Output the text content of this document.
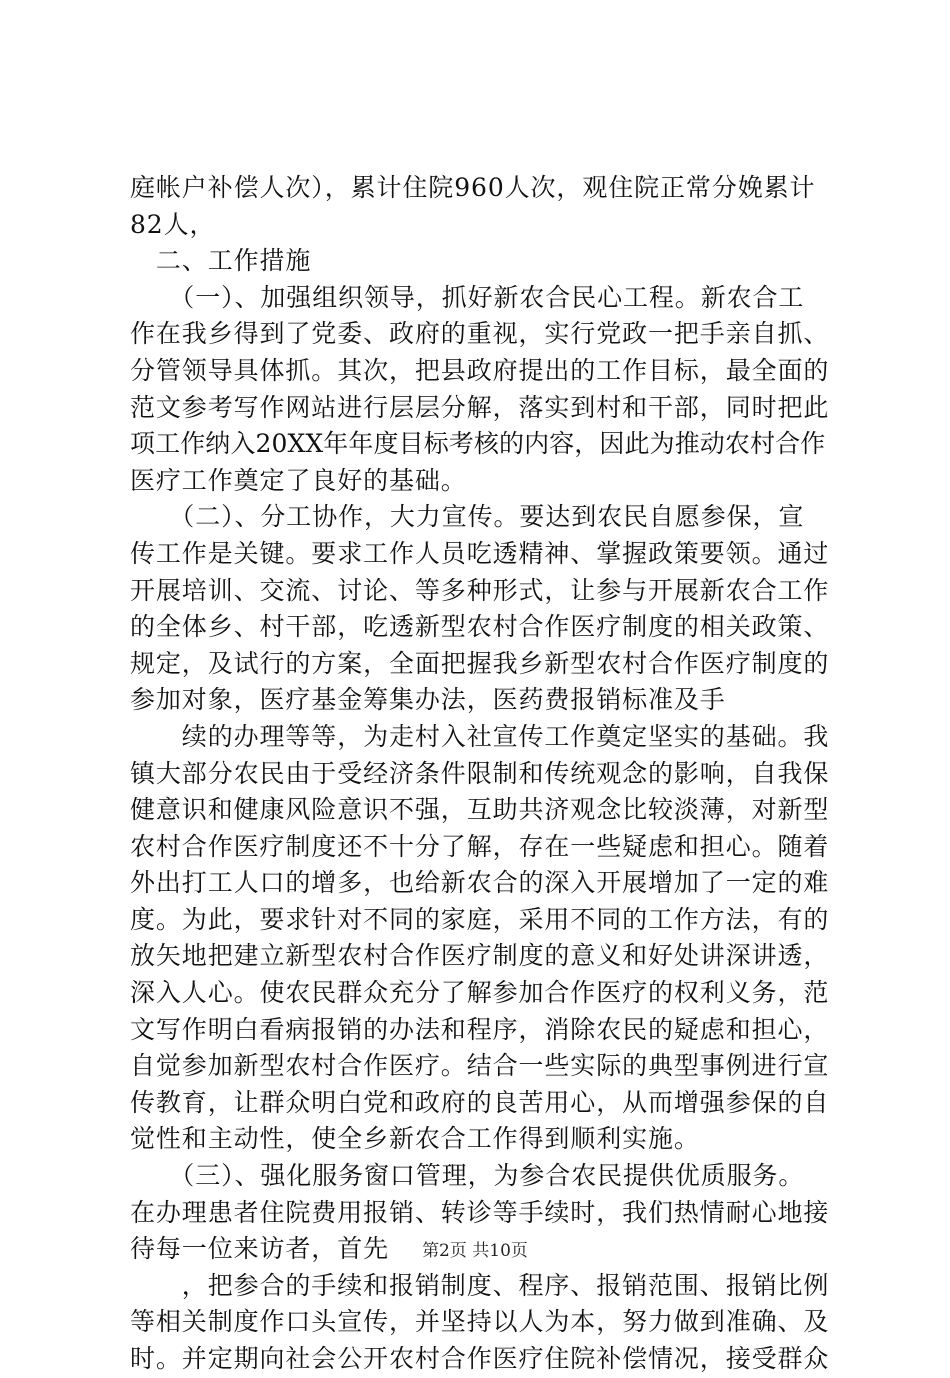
庭帐户补偿人次），累计住院960人次，观住院正常分娩累计
82人，
　二、工作措施
　　（一）、加强组织领导，抓好新农合民心工程。新农合工
作在我乡得到了党委、政府的重视，实行党政一把手亲自抓、
分管领导具体抓。其次，把县政府提出的工作目标，最全面的
范文参考写作网站进行层层分解，落实到村和干部，同时把此
项工作纳入20XX年年度目标考核的内容，因此为推动农村合作
医疗工作奠定了良好的基础。
　　（二）、分工协作，大力宣传。要达到农民自愿参保，宣
传工作是关键。要求工作人员吃透精神、掌握政策要领。通过
开展培训、交流、讨论、等多种形式，让参与开展新农合工作
的全体乡、村干部，吃透新型农村合作医疗制度的相关政策、
规定，及试行的方案，全面把握我乡新型农村合作医疗制度的
参加对象，医疗基金筹集办法，医药费报销标准及手
　　续的办理等等，为走村入社宣传工作奠定坚实的基础。我
镇大部分农民由于受经济条件限制和传统观念的影响，自我保
健意识和健康风险意识不强，互助共济观念比较淡薄，对新型
农村合作医疗制度还不十分了解，存在一些疑虑和担心。随着
外出打工人口的增多，也给新农合的深入开展增加了一定的难
度。为此，要求针对不同的家庭，采用不同的工作方法，有的
放矢地把建立新型农村合作医疗制度的意义和好处讲深讲透，
深入人心。使农民群众充分了解参加合作医疗的权利义务，范
文写作明白看病报销的办法和程序，消除农民的疑虑和担心，
自觉参加新型农村合作医疗。结合一些实际的典型事例进行宣
传教育，让群众明白党和政府的良苦用心，从而增强参保的自
觉性和主动性，使全乡新农合工作得到顺利实施。
　　（三）、强化服务窗口管理，为参合农民提供优质服务。
在办理患者住院费用报销、转诊等手续时，我们热情耐心地接
待每一位来访者，首先
　　，把参合的手续和报销制度、程序、报销范围、报销比例
等相关制度作口头宣传，并坚持以人为本，努力做到准确、及
时。并定期向社会公开农村合作医疗住院补偿情况，接受群众
第2页 共10页
